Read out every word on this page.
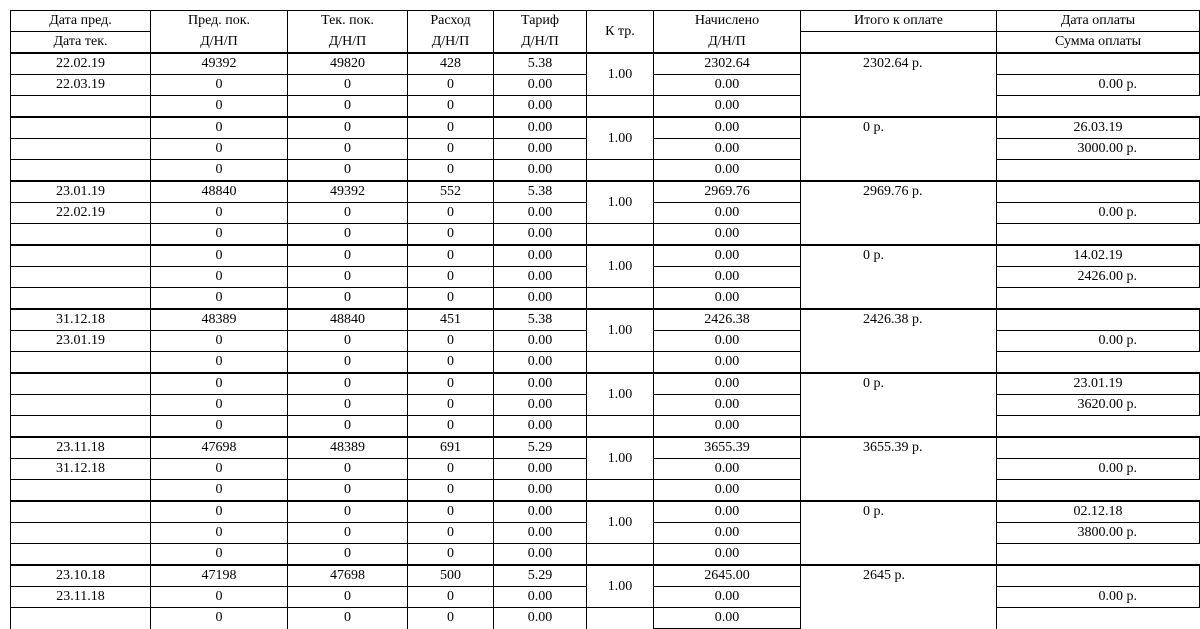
Дата пред.	Пред. пок.	Тек. пок.	Расход	Тариф	К тр.	Начислено	Итого к оплате	Дата оплаты
Дата тек.	Д/Н/П	Д/Н/П	Д/Н/П	Д/Н/П		Д/Н/П		Сумма оплаты
22.02.19	49392	49820	428	5.38	1.00	2302.64	2302.64 р.	
22.03.19	0	0	0	0.00		0.00		0.00 р.
	0	0	0	0.00		0.00		
	0	0	0	0.00	1.00	0.00	0 р.	26.03.19
	0	0	0	0.00		0.00		3000.00 р.
	0	0	0	0.00		0.00		
23.01.19	48840	49392	552	5.38	1.00	2969.76	2969.76 р.	
22.02.19	0	0	0	0.00		0.00		0.00 р.
	0	0	0	0.00		0.00		
	0	0	0	0.00	1.00	0.00	0 р.	14.02.19
	0	0	0	0.00		0.00		2426.00 р.
	0	0	0	0.00		0.00		
31.12.18	48389	48840	451	5.38	1.00	2426.38	2426.38 р.	
23.01.19	0	0	0	0.00		0.00		0.00 р.
	0	0	0	0.00		0.00		
	0	0	0	0.00	1.00	0.00	0 р.	23.01.19
	0	0	0	0.00		0.00		3620.00 р.
	0	0	0	0.00		0.00		
23.11.18	47698	48389	691	5.29	1.00	3655.39	3655.39 р.	
31.12.18	0	0	0	0.00		0.00		0.00 р.
	0	0	0	0.00		0.00		
	0	0	0	0.00	1.00	0.00	0 р.	02.12.18
	0	0	0	0.00		0.00		3800.00 р.
	0	0	0	0.00		0.00		
23.10.18	47198	47698	500	5.29	1.00	2645.00	2645 р.	
23.11.18	0	0	0	0.00		0.00		0.00 р.
	0	0	0	0.00		0.00		
